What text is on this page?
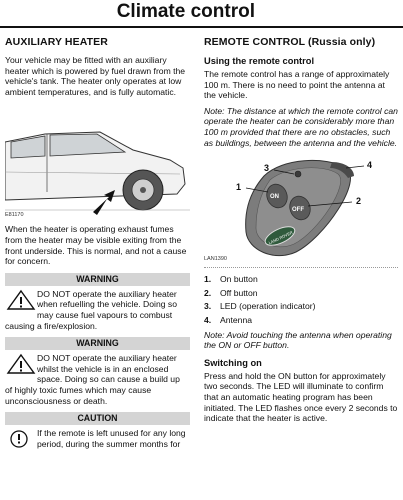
Climate control
AUXILIARY HEATER

Your vehicle may be fitted with an auxiliary heater which is powered by fuel drawn from the vehicle's tank. The heater only operates at low ambient temperatures, and is fully automatic.

E81170

When the heater is operating exhaust fumes from the heater may be visible exiting from the front underside. This is normal, and not a cause for concern.

WARNING
DO NOT operate the auxiliary heater when refuelling the vehicle. Doing so may cause fuel vapours to combust
causing a fire/explosion.
WARNING
DO NOT operate the auxiliary heater whilst the vehicle is in an enclosed space. Doing so can cause a build up
of highly toxic fumes which may cause unconsciousness or death.
CAUTION
If the remote is left unused for any long period, during the summer months for
REMOTE CONTROL (Russia only)
Using the remote control

The remote control has a range of approximately 100 m. There is no need to point the antenna at the vehicle.

Note: The distance at which the remote control can operate the heater can be considerably more than 100 m provided that there are no obstacles, such as buildings, between the antenna and the vehicle.

1
2
3	4
ON
OFF
LAND ROVER
LAN1390
1.	On button
2.	Off button
3.	LED (operation indicator)
4.	Antenna

Note: Avoid touching the antenna when operating the ON or OFF button.

Switching on

Press and hold the ON button for approximately two seconds. The LED will illuminate to confirm that an automatic heating program has been initiated. The LED flashes once every 2 seconds to indicate that the heater is active.
